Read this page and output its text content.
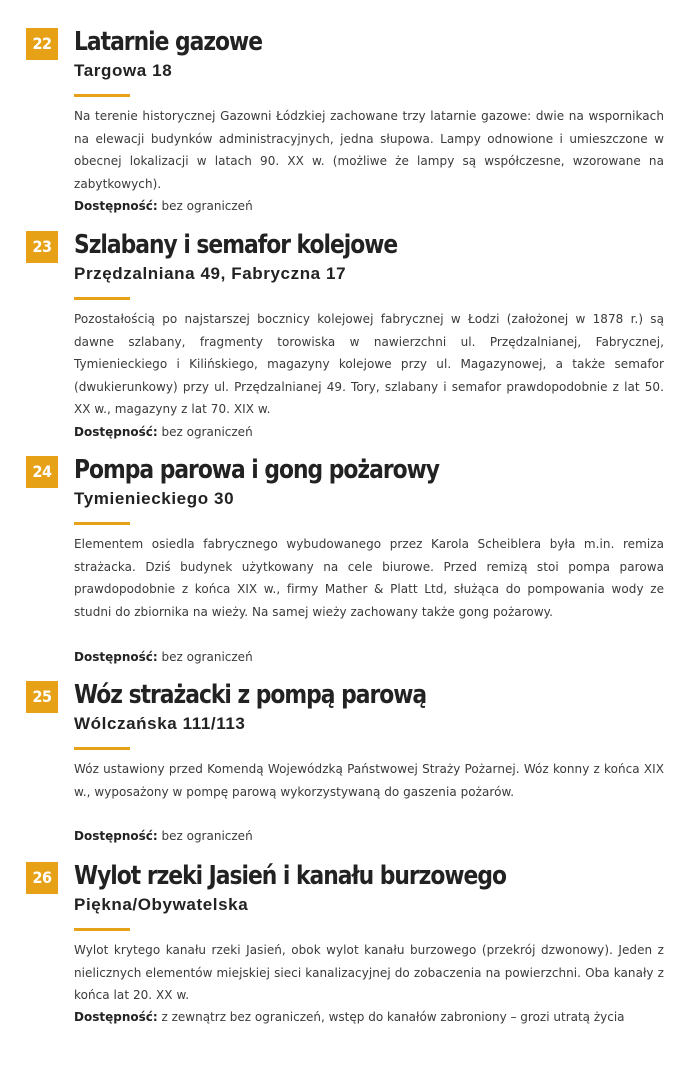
22 Latarnie gazowe
Targowa 18

Na terenie historycznej Gazowni Łódzkiej zachowane trzy latarnie gazowe: dwie na wspornikach na elewacji budynków administracyjnych, jedna słupowa. Lampy odnowione i umieszczone w obecnej lokalizacji w latach 90. XX w. (możliwe że lampy są współczesne, wzorowane na zabytkowych).

Dostępność: bez ograniczeń
23 Szlabany i semafor kolejowe
Przędzalniana 49, Fabryczna 17

Pozostałością po najstarszej bocznicy kolejowej fabrycznej w Łodzi (założonej w 1878 r.) są dawne szlabany, fragmenty torowiska w nawierzchni ul. Przędzalnianej, Fabrycznej, Tymienieckiego i Kilińskiego, magazyny kolejowe przy ul. Magazynowej, a także semafor (dwukierunkowy) przy ul. Przędzalnianej 49. Tory, szlabany i semafor prawdopodobnie z lat 50. XX w., magazyny z lat 70. XIX w.

Dostępność: bez ograniczeń
24 Pompa parowa i gong pożarowy
Tymienieckiego 30

Elementem osiedla fabrycznego wybudowanego przez Karola Scheiblera była m.in. remiza strażacka. Dziś budynek użytkowany na cele biurowe. Przed remizą stoi pompa parowa prawdopodobnie z końca XIX w., firmy Mather & Platt Ltd, służąca do pompowania wody ze studni do zbiornika na wieży. Na samej wieży zachowany także gong pożarowy.

Dostępność: bez ograniczeń
25 Wóz strażacki z pompą parową
Wólczańska 111/113

Wóz ustawiony przed Komendą Wojewódzką Państwowej Straży Pożarnej. Wóz konny z końca XIX w., wyposażony w pompę parową wykorzystywaną do gaszenia pożarów.

Dostępność: bez ograniczeń
26 Wylot rzeki Jasień i kanału burzowego
Piękna/Obywatelska

Wylot krytego kanału rzeki Jasień, obok wylot kanału burzowego (przekrój dzwonowy). Jeden z nielicznych elementów miejskiej sieci kanalizacyjnej do zobaczenia na powierzchni. Oba kanały z końca lat 20. XX w.

Dostępność: z zewnątrz bez ograniczeń, wstęp do kanałów zabroniony – grozi utratą życia
